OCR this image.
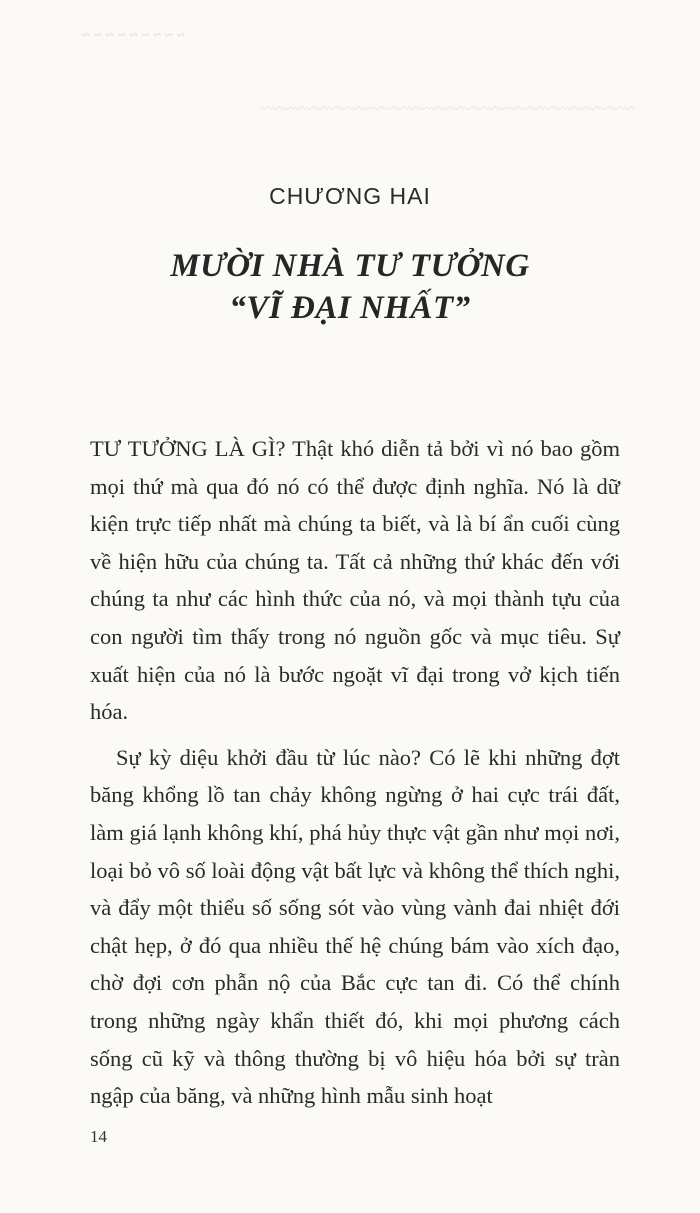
~ ~ ~ ~ ~ ~ ~ ~ ~
~~~~~~~~~~~~~~~~~~~~~~~~~~~~~~~~~
CHƯƠNG HAI
MƯỜI NHÀ TƯ TƯỞNG
“VĨ ĐẠI NHẤT”

TƯ TƯỞNG LÀ GÌ? Thật khó diễn tả bởi vì nó bao gồm mọi thứ mà qua đó nó có thể được định nghĩa. Nó là dữ kiện trực tiếp nhất mà chúng ta biết, và là bí ẩn cuối cùng về hiện hữu của chúng ta. Tất cả những thứ khác đến với chúng ta như các hình thức của nó, và mọi thành tựu của con người tìm thấy trong nó nguồn gốc và mục tiêu. Sự xuất hiện của nó là bước ngoặt vĩ đại trong vở kịch tiến hóa.

Sự kỳ diệu khởi đầu từ lúc nào? Có lẽ khi những đợt băng khổng lồ tan chảy không ngừng ở hai cực trái đất, làm giá lạnh không khí, phá hủy thực vật gần như mọi nơi, loại bỏ vô số loài động vật bất lực và không thể thích nghi, và đẩy một thiểu số sống sót vào vùng vành đai nhiệt đới chật hẹp, ở đó qua nhiều thế hệ chúng bám vào xích đạo, chờ đợi cơn phẫn nộ của Bắc cực tan đi. Có thể chính trong những ngày khẩn thiết đó, khi mọi phương cách sống cũ kỹ và thông thường bị vô hiệu hóa bởi sự tràn ngập của băng, và những hình mẫu sinh hoạt

14
